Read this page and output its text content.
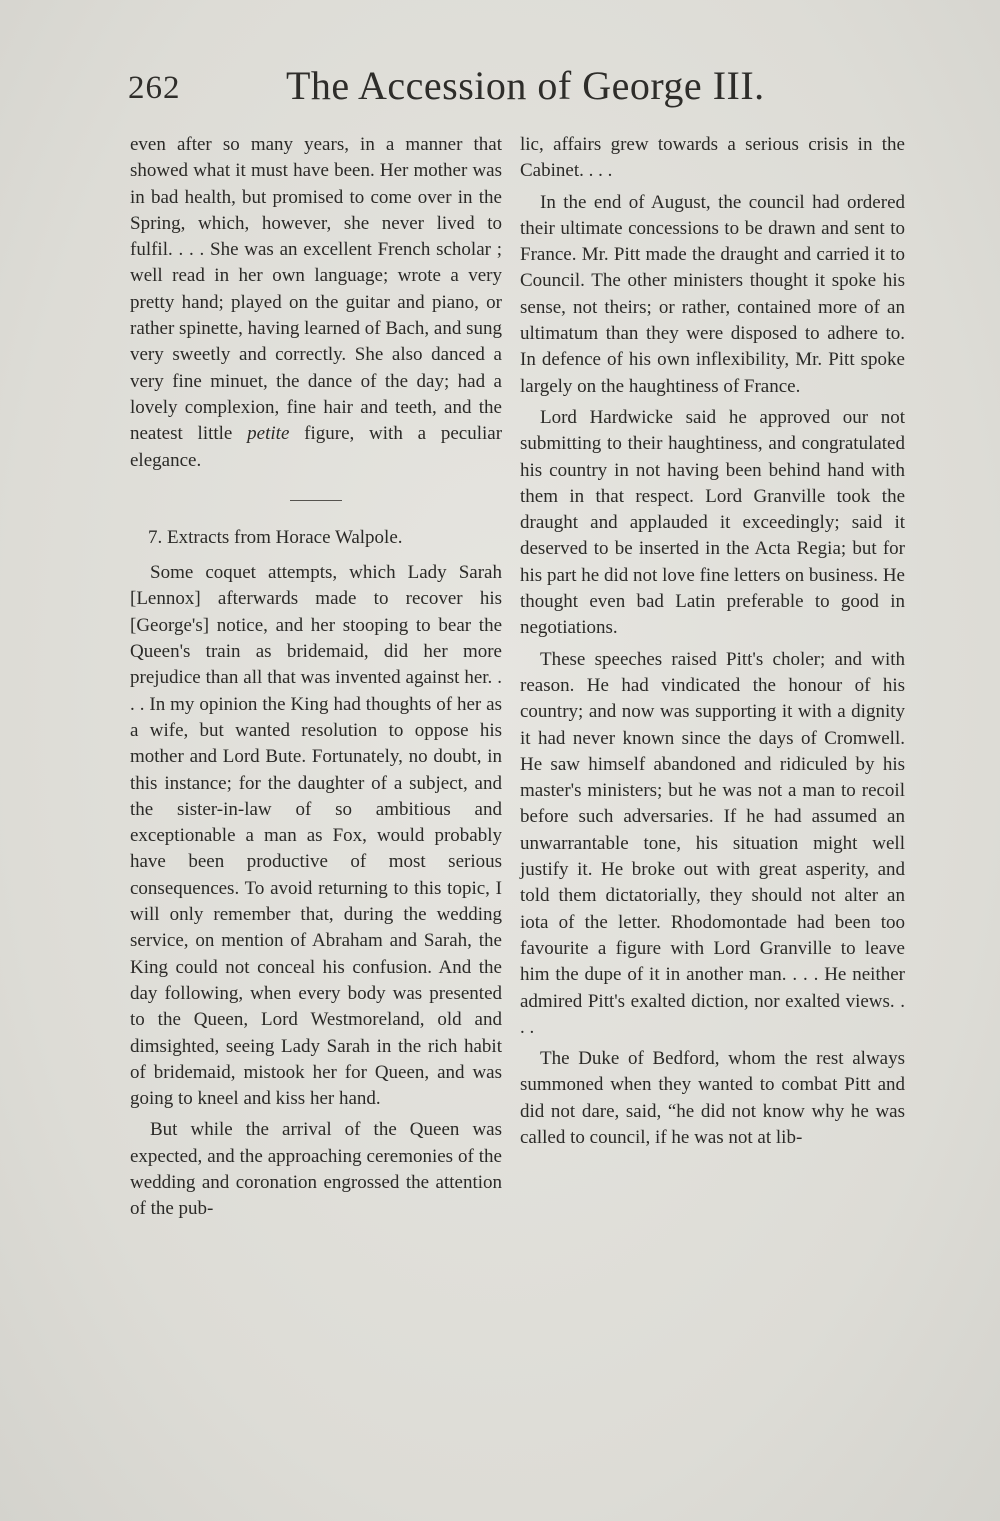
262	The Accession of George III.

even after so many years, in a manner that showed what it must have been. Her mother was in bad health, but promised to come over in the Spring, which, however, she never lived to fulfil. . . . She was an excellent French scholar ; well read in her own language; wrote a very pretty hand; played on the guitar and piano, or rather spinette, having learned of Bach, and sung very sweetly and correctly. She also danced a very fine minuet, the dance of the day; had a lovely complexion, fine hair and teeth, and the neatest little petite figure, with a peculiar elegance.

7. Extracts from Horace Walpole.

Some coquet attempts, which Lady Sarah [Lennox] afterwards made to recover his [George's] notice, and her stooping to bear the Queen's train as bridemaid, did her more prejudice than all that was invented against her. . . . In my opinion the King had thoughts of her as a wife, but wanted resolution to oppose his mother and Lord Bute. Fortunately, no doubt, in this instance; for the daughter of a subject, and the sister-in-law of so ambitious and exceptionable a man as Fox, would probably have been productive of most serious consequences. To avoid returning to this topic, I will only remember that, during the wedding service, on mention of Abraham and Sarah, the King could not conceal his confusion. And the day following, when every body was presented to the Queen, Lord Westmoreland, old and dimsighted, seeing Lady Sarah in the rich habit of bridemaid, mistook her for Queen, and was going to kneel and kiss her hand.

But while the arrival of the Queen was expected, and the approaching ceremonies of the wedding and coronation engrossed the attention of the pub-

lic, affairs grew towards a serious crisis in the Cabinet. . . .

In the end of August, the council had ordered their ultimate concessions to be drawn and sent to France. Mr. Pitt made the draught and carried it to Council. The other ministers thought it spoke his sense, not theirs; or rather, contained more of an ultimatum than they were disposed to adhere to. In defence of his own inflexibility, Mr. Pitt spoke largely on the haughtiness of France.

Lord Hardwicke said he approved our not submitting to their haughtiness, and congratulated his country in not having been behind hand with them in that respect. Lord Granville took the draught and applauded it exceedingly; said it deserved to be inserted in the Acta Regia; but for his part he did not love fine letters on business. He thought even bad Latin preferable to good in negotiations.

These speeches raised Pitt's choler; and with reason. He had vindicated the honour of his country; and now was supporting it with a dignity it had never known since the days of Cromwell. He saw himself abandoned and ridiculed by his master's ministers; but he was not a man to recoil before such adversaries. If he had assumed an unwarrantable tone, his situation might well justify it. He broke out with great asperity, and told them dictatorially, they should not alter an iota of the letter. Rhodomontade had been too favourite a figure with Lord Granville to leave him the dupe of it in another man. . . . He neither admired Pitt's exalted diction, nor exalted views. . . .

The Duke of Bedford, whom the rest always summoned when they wanted to combat Pitt and did not dare, said, “he did not know why he was called to council, if he was not at lib-
